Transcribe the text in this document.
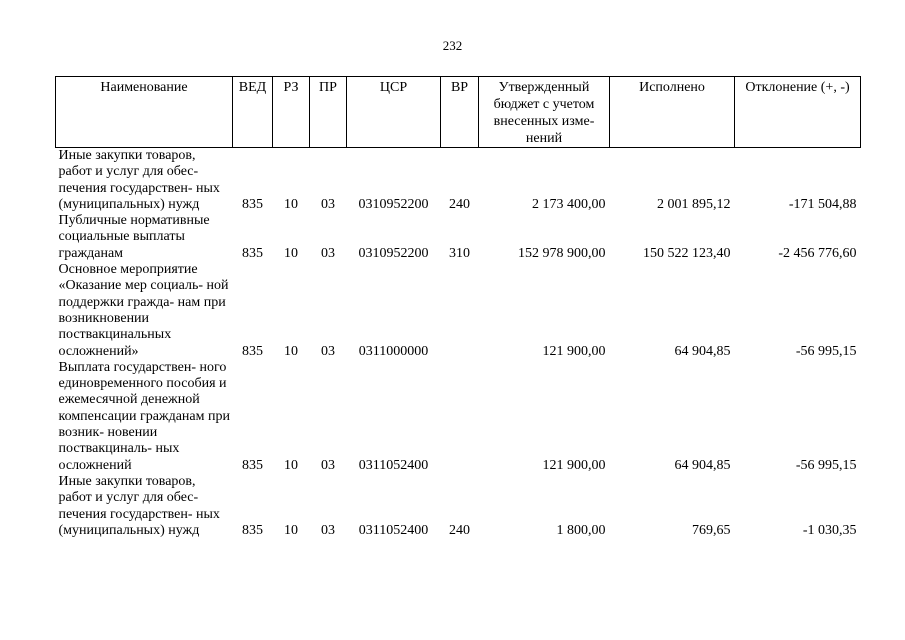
232
Наименование	ВЕД	РЗ	ПР	ЦСР	ВР	Утвержденный бюджет с учетом внесенных изме- нений	Исполнено	Отклонение (+, -)
Иные закупки товаров, работ и услуг для обес- печения государствен- ных (муниципальных) нужд	835	10	03	0310952200	240	2 173 400,00	2 001 895,12	-171 504,88
Публичные нормативные социальные выплаты гражданам	835	10	03	0310952200	310	152 978 900,00	150 522 123,40	-2 456 776,60
Основное мероприятие «Оказание мер социаль- ной поддержки гражда- нам при возникновении поствакцинальных осложнений»	835	10	03	0311000000		121 900,00	64 904,85	-56 995,15
Выплата государствен- ного единовременного пособия и ежемесячной денежной компенсации гражданам при возник- новении поствакциналь- ных осложнений	835	10	03	0311052400		121 900,00	64 904,85	-56 995,15
Иные закупки товаров, работ и услуг для обес- печения государствен- ных (муниципальных) нужд	835	10	03	0311052400	240	1 800,00	769,65	-1 030,35
